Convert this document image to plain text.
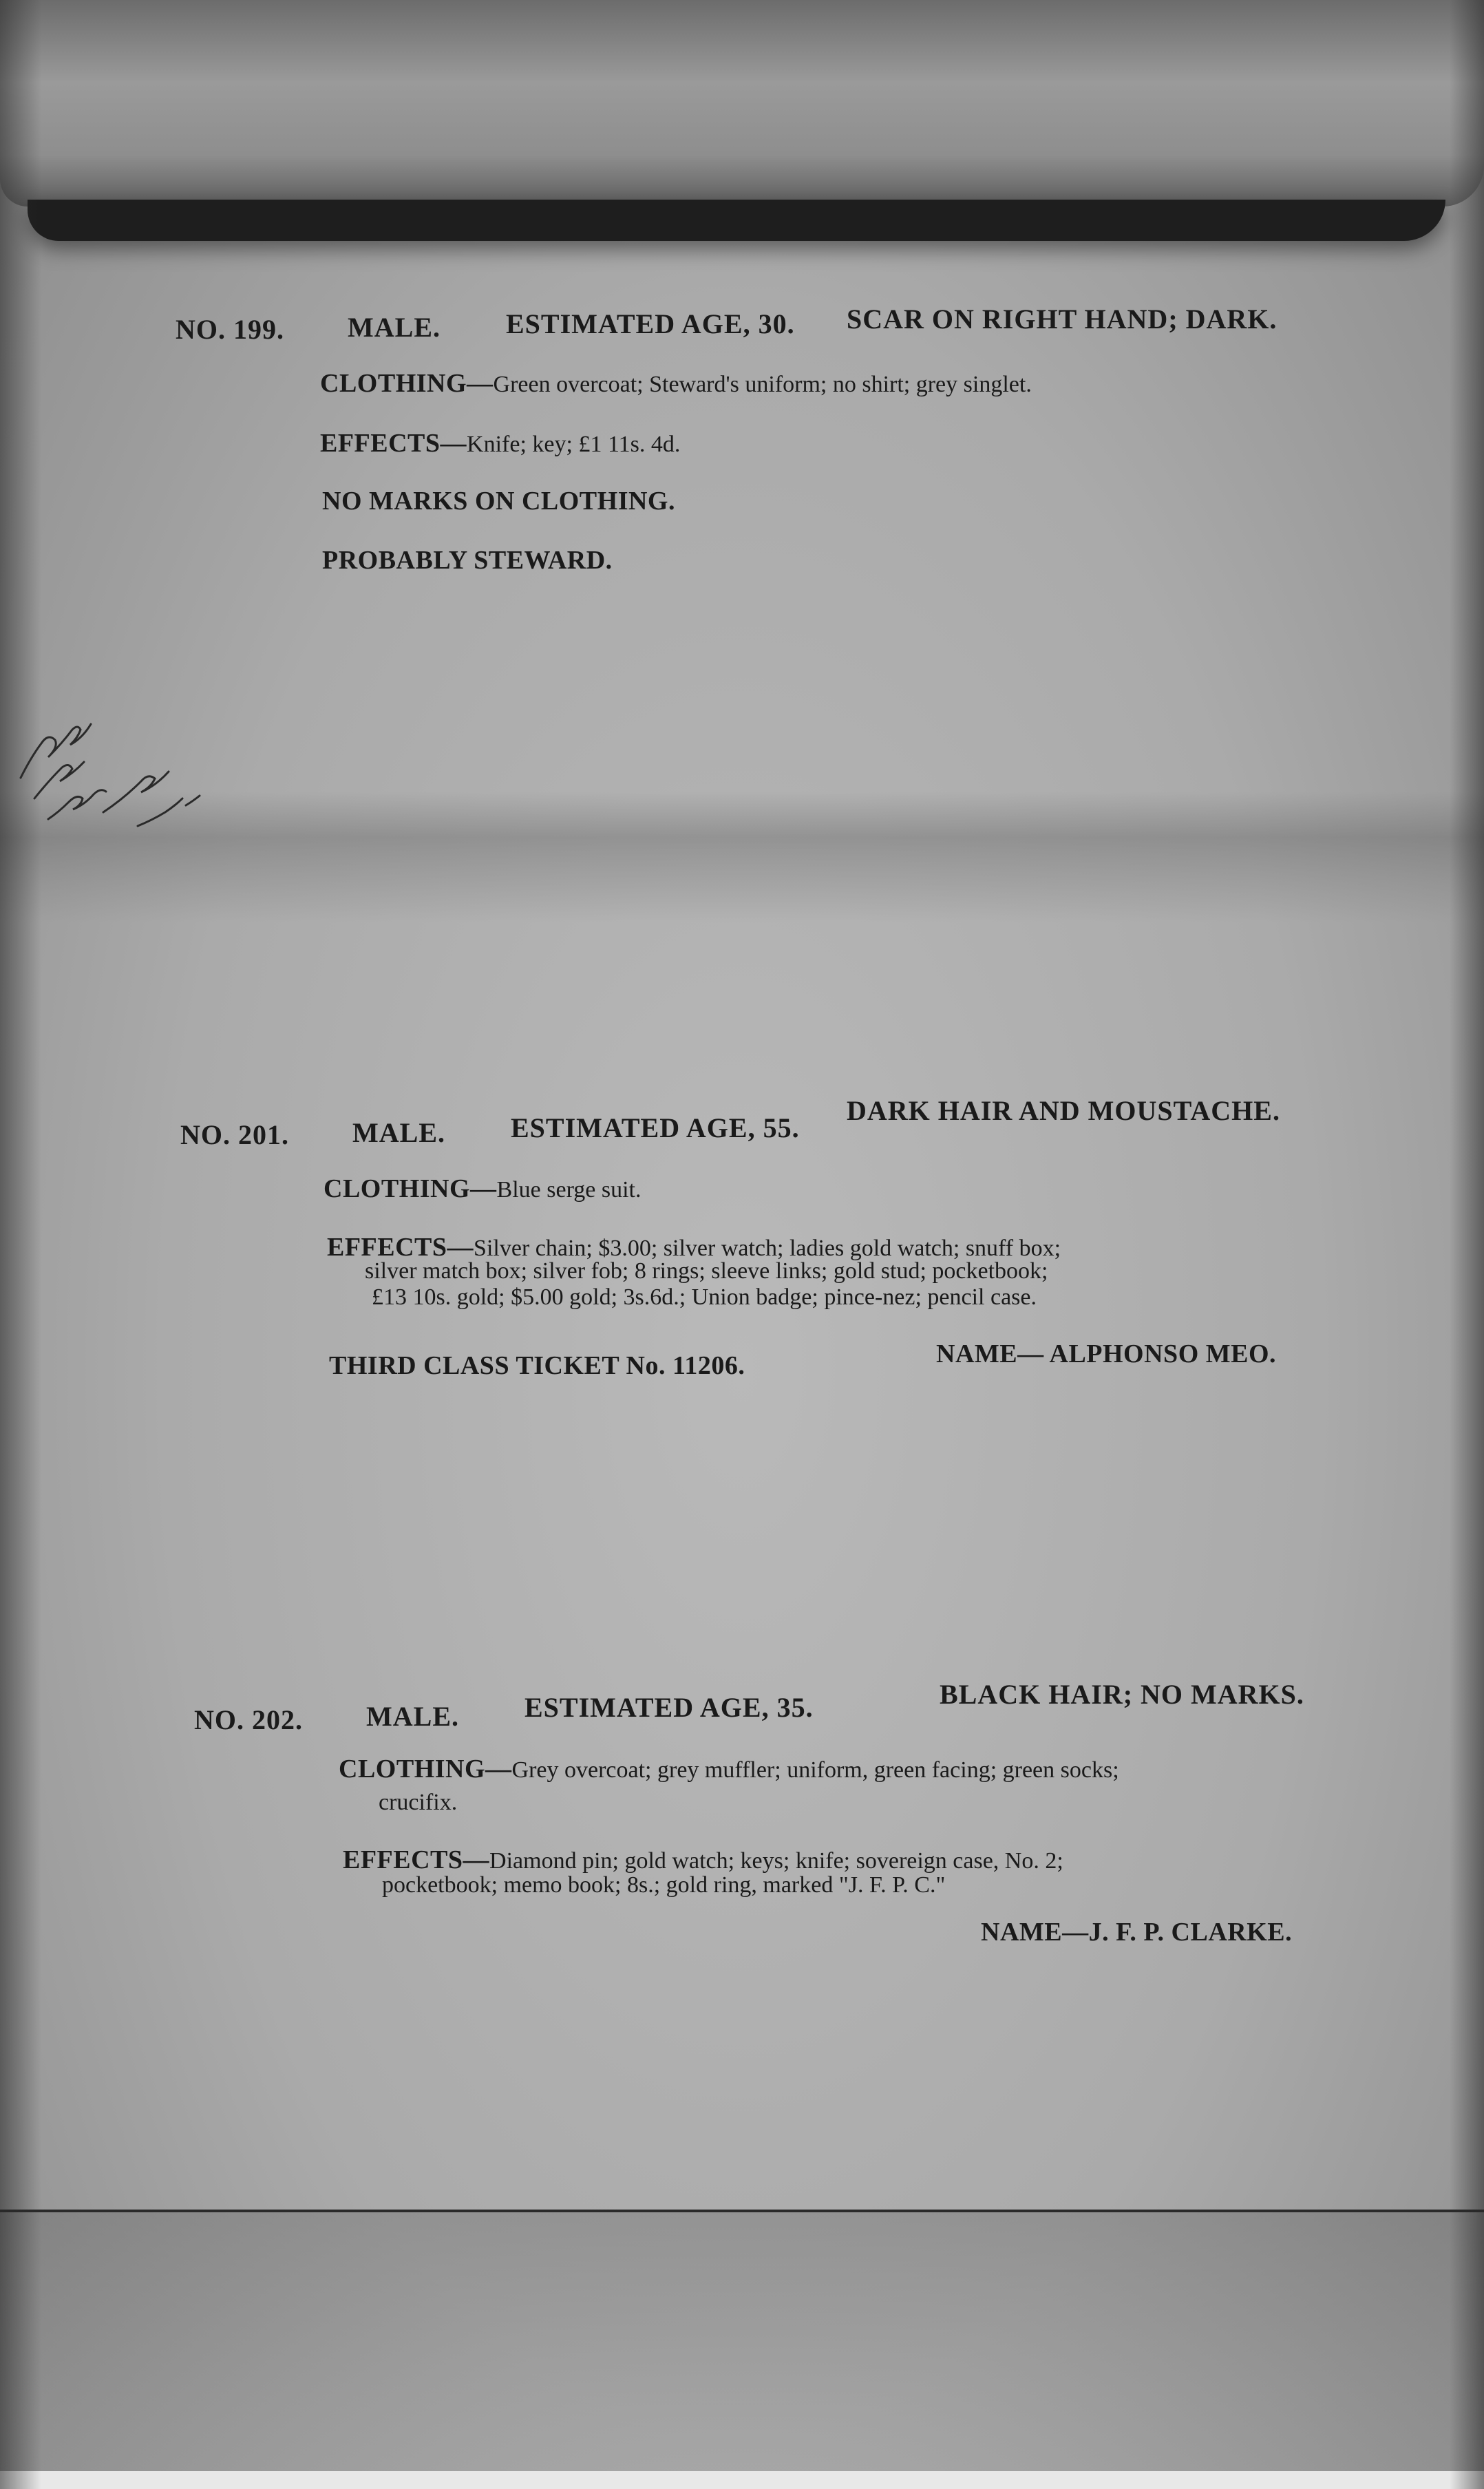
NO. 199. MALE. ESTIMATED AGE, 30. SCAR ON RIGHT HAND; DARK.
CLOTHING—Green overcoat; Steward's uniform; no shirt; grey singlet.
EFFECTS—Knife; key; £1 11s. 4d.
NO MARKS ON CLOTHING.
PROBABLY STEWARD.
NO. 201. MALE. ESTIMATED AGE, 55.
DARK HAIR AND MOUSTACHE.
CLOTHING—Blue serge suit.
EFFECTS—Silver chain; $3.00; silver watch; ladies gold watch; snuff box;
silver match box; silver fob; 8 rings; sleeve links; gold stud; pocketbook;
£13 10s. gold; $5.00 gold; 3s.6d.; Union badge; pince-nez; pencil case.
THIRD CLASS TICKET No. 11206.	NAME— ALPHONSO MEO.
NO. 202. MALE. ESTIMATED AGE, 35.	BLACK HAIR; NO MARKS.
CLOTHING—Grey overcoat; grey muffler; uniform, green facing; green socks;
crucifix.
EFFECTS—Diamond pin; gold watch; keys; knife; sovereign case, No. 2;
pocketbook; memo book; 8s.; gold ring, marked "J. F. P. C."
NAME—J. F. P. CLARKE.
